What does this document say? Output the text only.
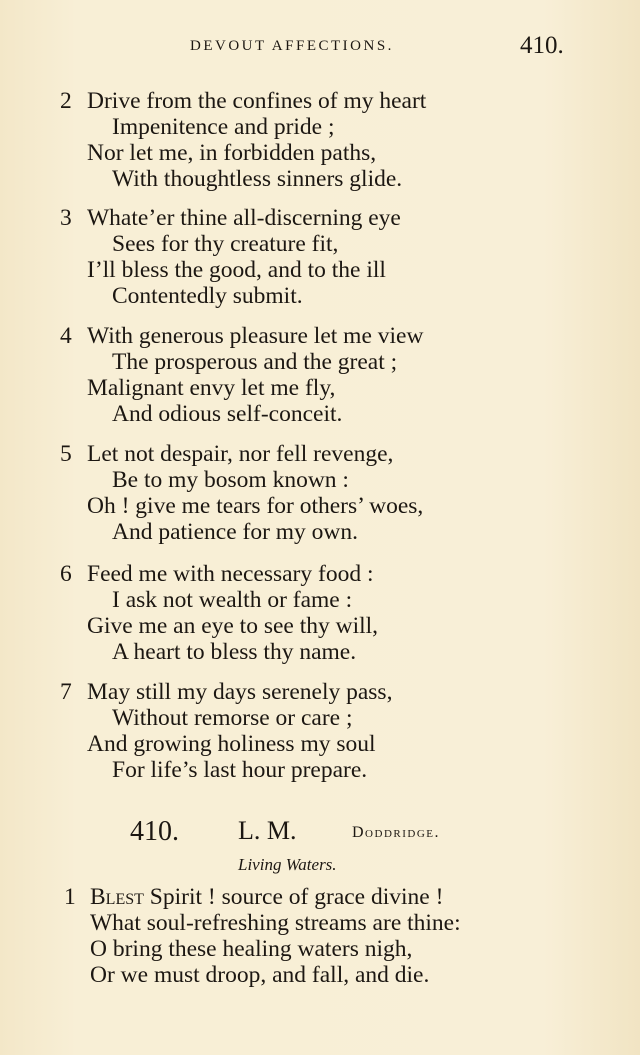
DEVOUT AFFECTIONS.	410.
2 Drive from the confines of my heart
Impenitence and pride ;
Nor let me, in forbidden paths,
With thoughtless sinners glide.
3 Whate’er thine all-discerning eye
Sees for thy creature fit,
I’ll bless the good, and to the ill
Contentedly submit.
4 With generous pleasure let me view
The prosperous and the great ;
Malignant envy let me fly,
And odious self-conceit.
5 Let not despair, nor fell revenge,
Be to my bosom known :
Oh ! give me tears for others’ woes,
And patience for my own.
6 Feed me with necessary food :
I ask not wealth or fame :
Give me an eye to see thy will,
A heart to bless thy name.
7 May still my days serenely pass,
Without remorse or care ;
And growing holiness my soul
For life’s last hour prepare.
410. L. M.	Doddridge.
Living Waters.
1 Blest Spirit ! source of grace divine !
What soul-refreshing streams are thine:
O bring these healing waters nigh,
Or we must droop, and fall, and die.
